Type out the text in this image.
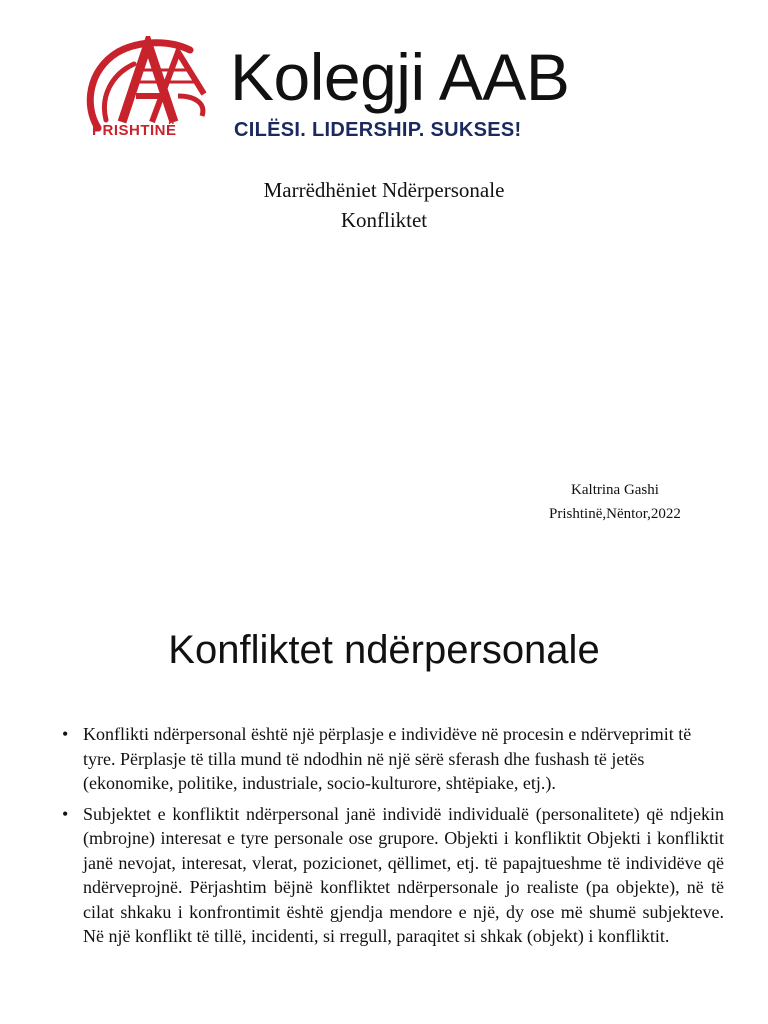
PRISHTINË
Kolegji AAB
CILËSI. LIDERSHIP. SUKSES!
Marrëdhëniet Ndërpersonale
Konfliktet
Kaltrina Gashi
Prishtinë,Nëntor,2022
Konfliktet ndërpersonale
• Konflikti ndërpersonal është një përplasje e individëve në procesin e ndërveprimit të tyre. Përplasje të tilla mund të ndodhin në një sërë sferash dhe fushash të jetës (ekonomike, politike, industriale, socio-kulturore, shtëpiake, etj.).
• Subjektet e konfliktit ndërpersonal janë individë individualë (personalitete) që ndjekin (mbrojne) interesat e tyre personale ose grupore. Objekti i konfliktit Objekti i konfliktit janë nevojat, interesat, vlerat, pozicionet, qëllimet, etj. të papajtueshme të individëve që ndërveprojnë. Përjashtim bëjnë konfliktet ndërpersonale jo realiste (pa objekte), në të cilat shkaku i konfrontimit është gjendja mendore e një, dy ose më shumë subjekteve. Në një konflikt të tillë, incidenti, si rregull, paraqitet si shkak (objekt) i konfliktit.
